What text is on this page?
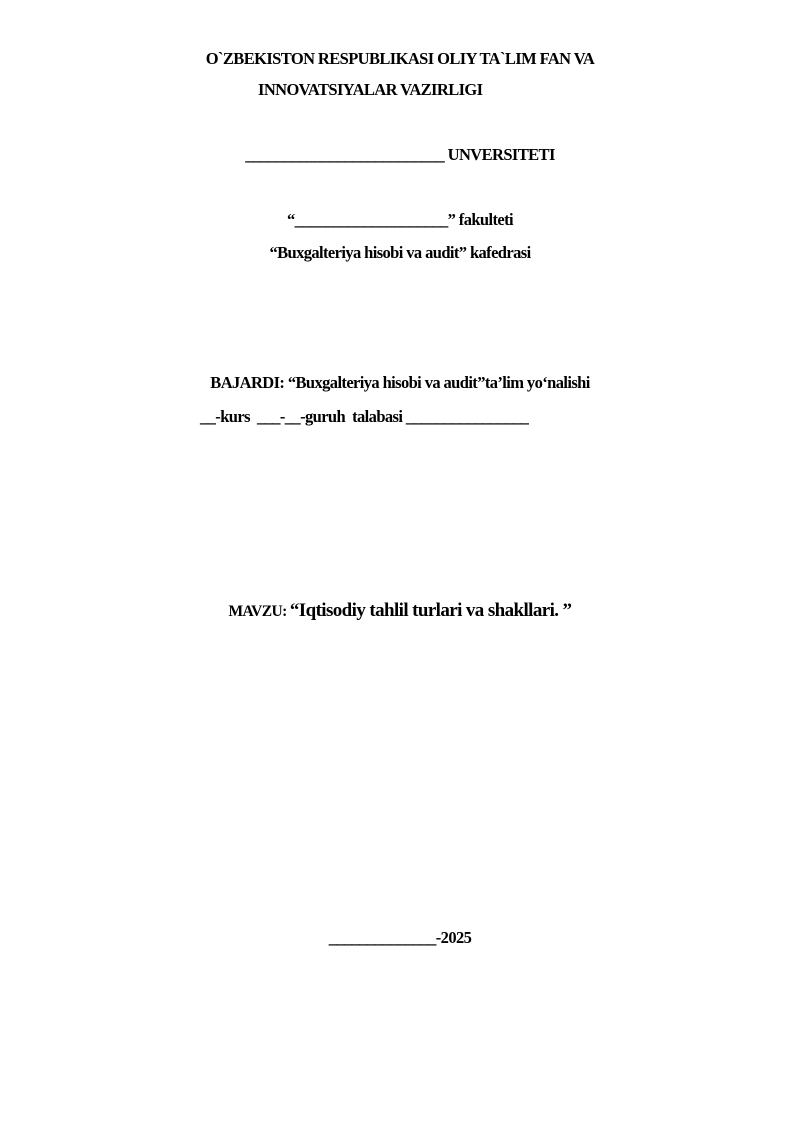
O`ZBEKISTON RESPUBLIKASI OLIY TA`LIM FAN VA
INNOVATSIYALAR VAZIRLIGI
__________________________ UNVERSITETI
“____________________” fakulteti
“Buxgalteriya hisobi va audit” kafedrasi
BAJARDI: “Buxgalteriya hisobi va audit”ta’lim yo‘nalishi
__-kurs  ___-__-guruh  talabasi ________________
MAVZU: “Iqtisodiy tahlil turlari va shakllari. ”
______________-2025
